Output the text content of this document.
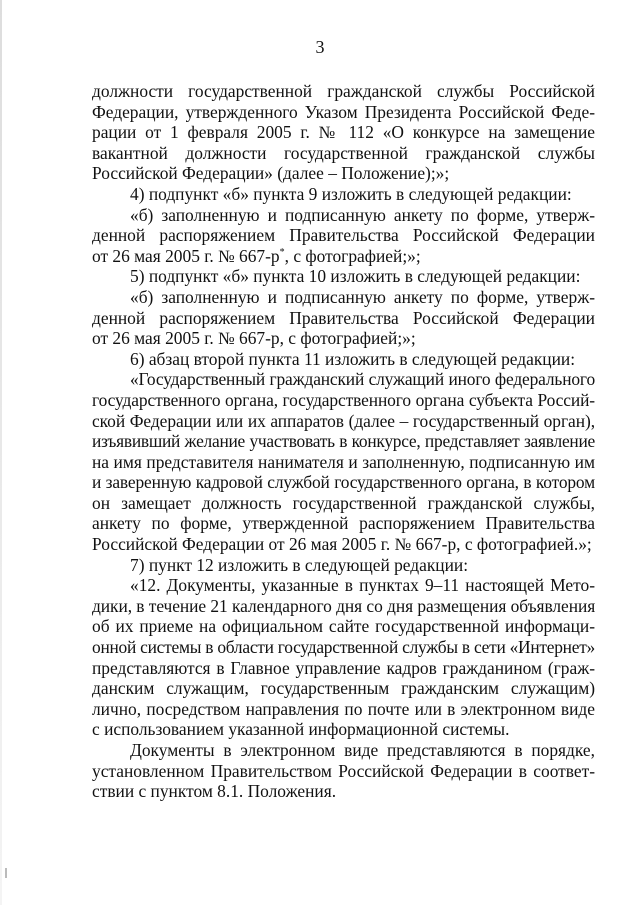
3
должности государственной гражданской службы Российской
Федерации, утвержденного Указом Президента Российской Феде-
рации от 1 февраля 2005 г. № 112 «О конкурсе на замещение
вакантной должности государственной гражданской службы
Российской Федерации» (далее – Положение);»;
4) подпункт «б» пункта 9 изложить в следующей редакции:
«б) заполненную и подписанную анкету по форме, утверж-
денной распоряжением Правительства Российской Федерации
от 26 мая 2005 г. № 667-р*, с фотографией;»;
5) подпункт «б» пункта 10 изложить в следующей редакции:
«б) заполненную и подписанную анкету по форме, утверж-
денной распоряжением Правительства Российской Федерации
от 26 мая 2005 г. № 667-р, с фотографией;»;
6) абзац второй пункта 11 изложить в следующей редакции:
«Государственный гражданский служащий иного федерального
государственного органа, государственного органа субъекта Россий-
ской Федерации или их аппаратов (далее – государственный орган),
изъявивший желание участвовать в конкурсе, представляет заявление
на имя представителя нанимателя и заполненную, подписанную им
и заверенную кадровой службой государственного органа, в котором
он замещает должность государственной гражданской службы,
анкету по форме, утвержденной распоряжением Правительства
Российской Федерации от 26 мая 2005 г. № 667-р, с фотографией.»;
7) пункт 12 изложить в следующей редакции:
«12. Документы, указанные в пунктах 9–11 настоящей Мето-
дики, в течение 21 календарного дня со дня размещения объявления
об их приеме на официальном сайте государственной информаци-
онной системы в области государственной службы в сети «Интернет»
представляются в Главное управление кадров гражданином (граж-
данским служащим, государственным гражданским служащим)
лично, посредством направления по почте или в электронном виде
с использованием указанной информационной системы.
Документы в электронном виде представляются в порядке,
установленном Правительством Российской Федерации в соответ-
ствии с пунктом 8.1. Положения.
